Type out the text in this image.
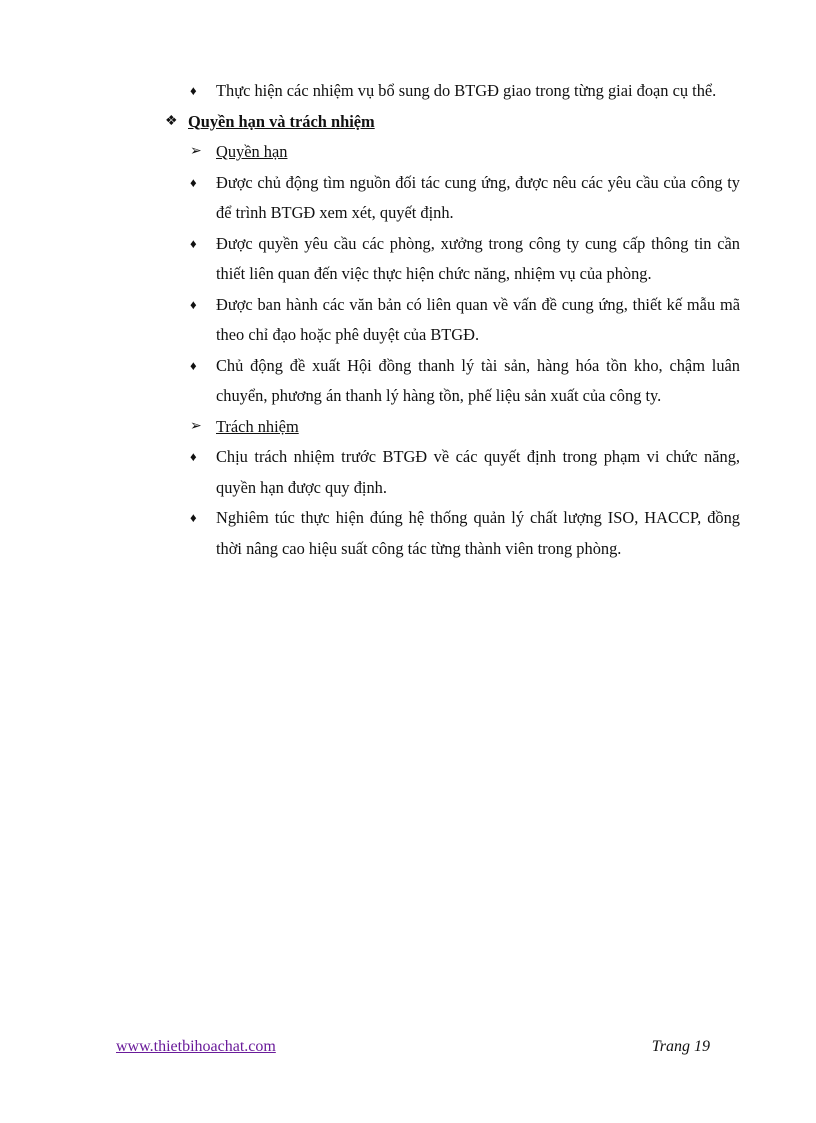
♦ Thực hiện các nhiệm vụ bổ sung do BTGĐ giao trong từng giai đoạn cụ thể.
❖ Quyền hạn và trách nhiệm
➢ Quyền hạn
♦ Được chủ động tìm nguồn đối tác cung ứng, được nêu các yêu cầu của công ty để trình BTGĐ xem xét, quyết định.
♦ Được quyền yêu cầu các phòng, xưởng trong công ty cung cấp thông tin cần thiết liên quan đến việc thực hiện chức năng, nhiệm vụ của phòng.
♦ Được ban hành các văn bản có liên quan về vấn đề cung ứng, thiết kế mẫu mã theo chỉ đạo hoặc phê duyệt của BTGĐ.
♦ Chủ động đề xuất Hội đồng thanh lý tài sản, hàng hóa tồn kho, chậm luân chuyển, phương án thanh lý hàng tồn, phế liệu sản xuất của công ty.
➢ Trách nhiệm
♦ Chịu trách nhiệm trước BTGĐ về các quyết định trong phạm vi chức năng, quyền hạn được quy định.
♦ Nghiêm túc thực hiện đúng hệ thống quản lý chất lượng ISO, HACCP, đồng thời nâng cao hiệu suất công tác từng thành viên trong phòng.
www.thietbihoachat.com	Trang 19
